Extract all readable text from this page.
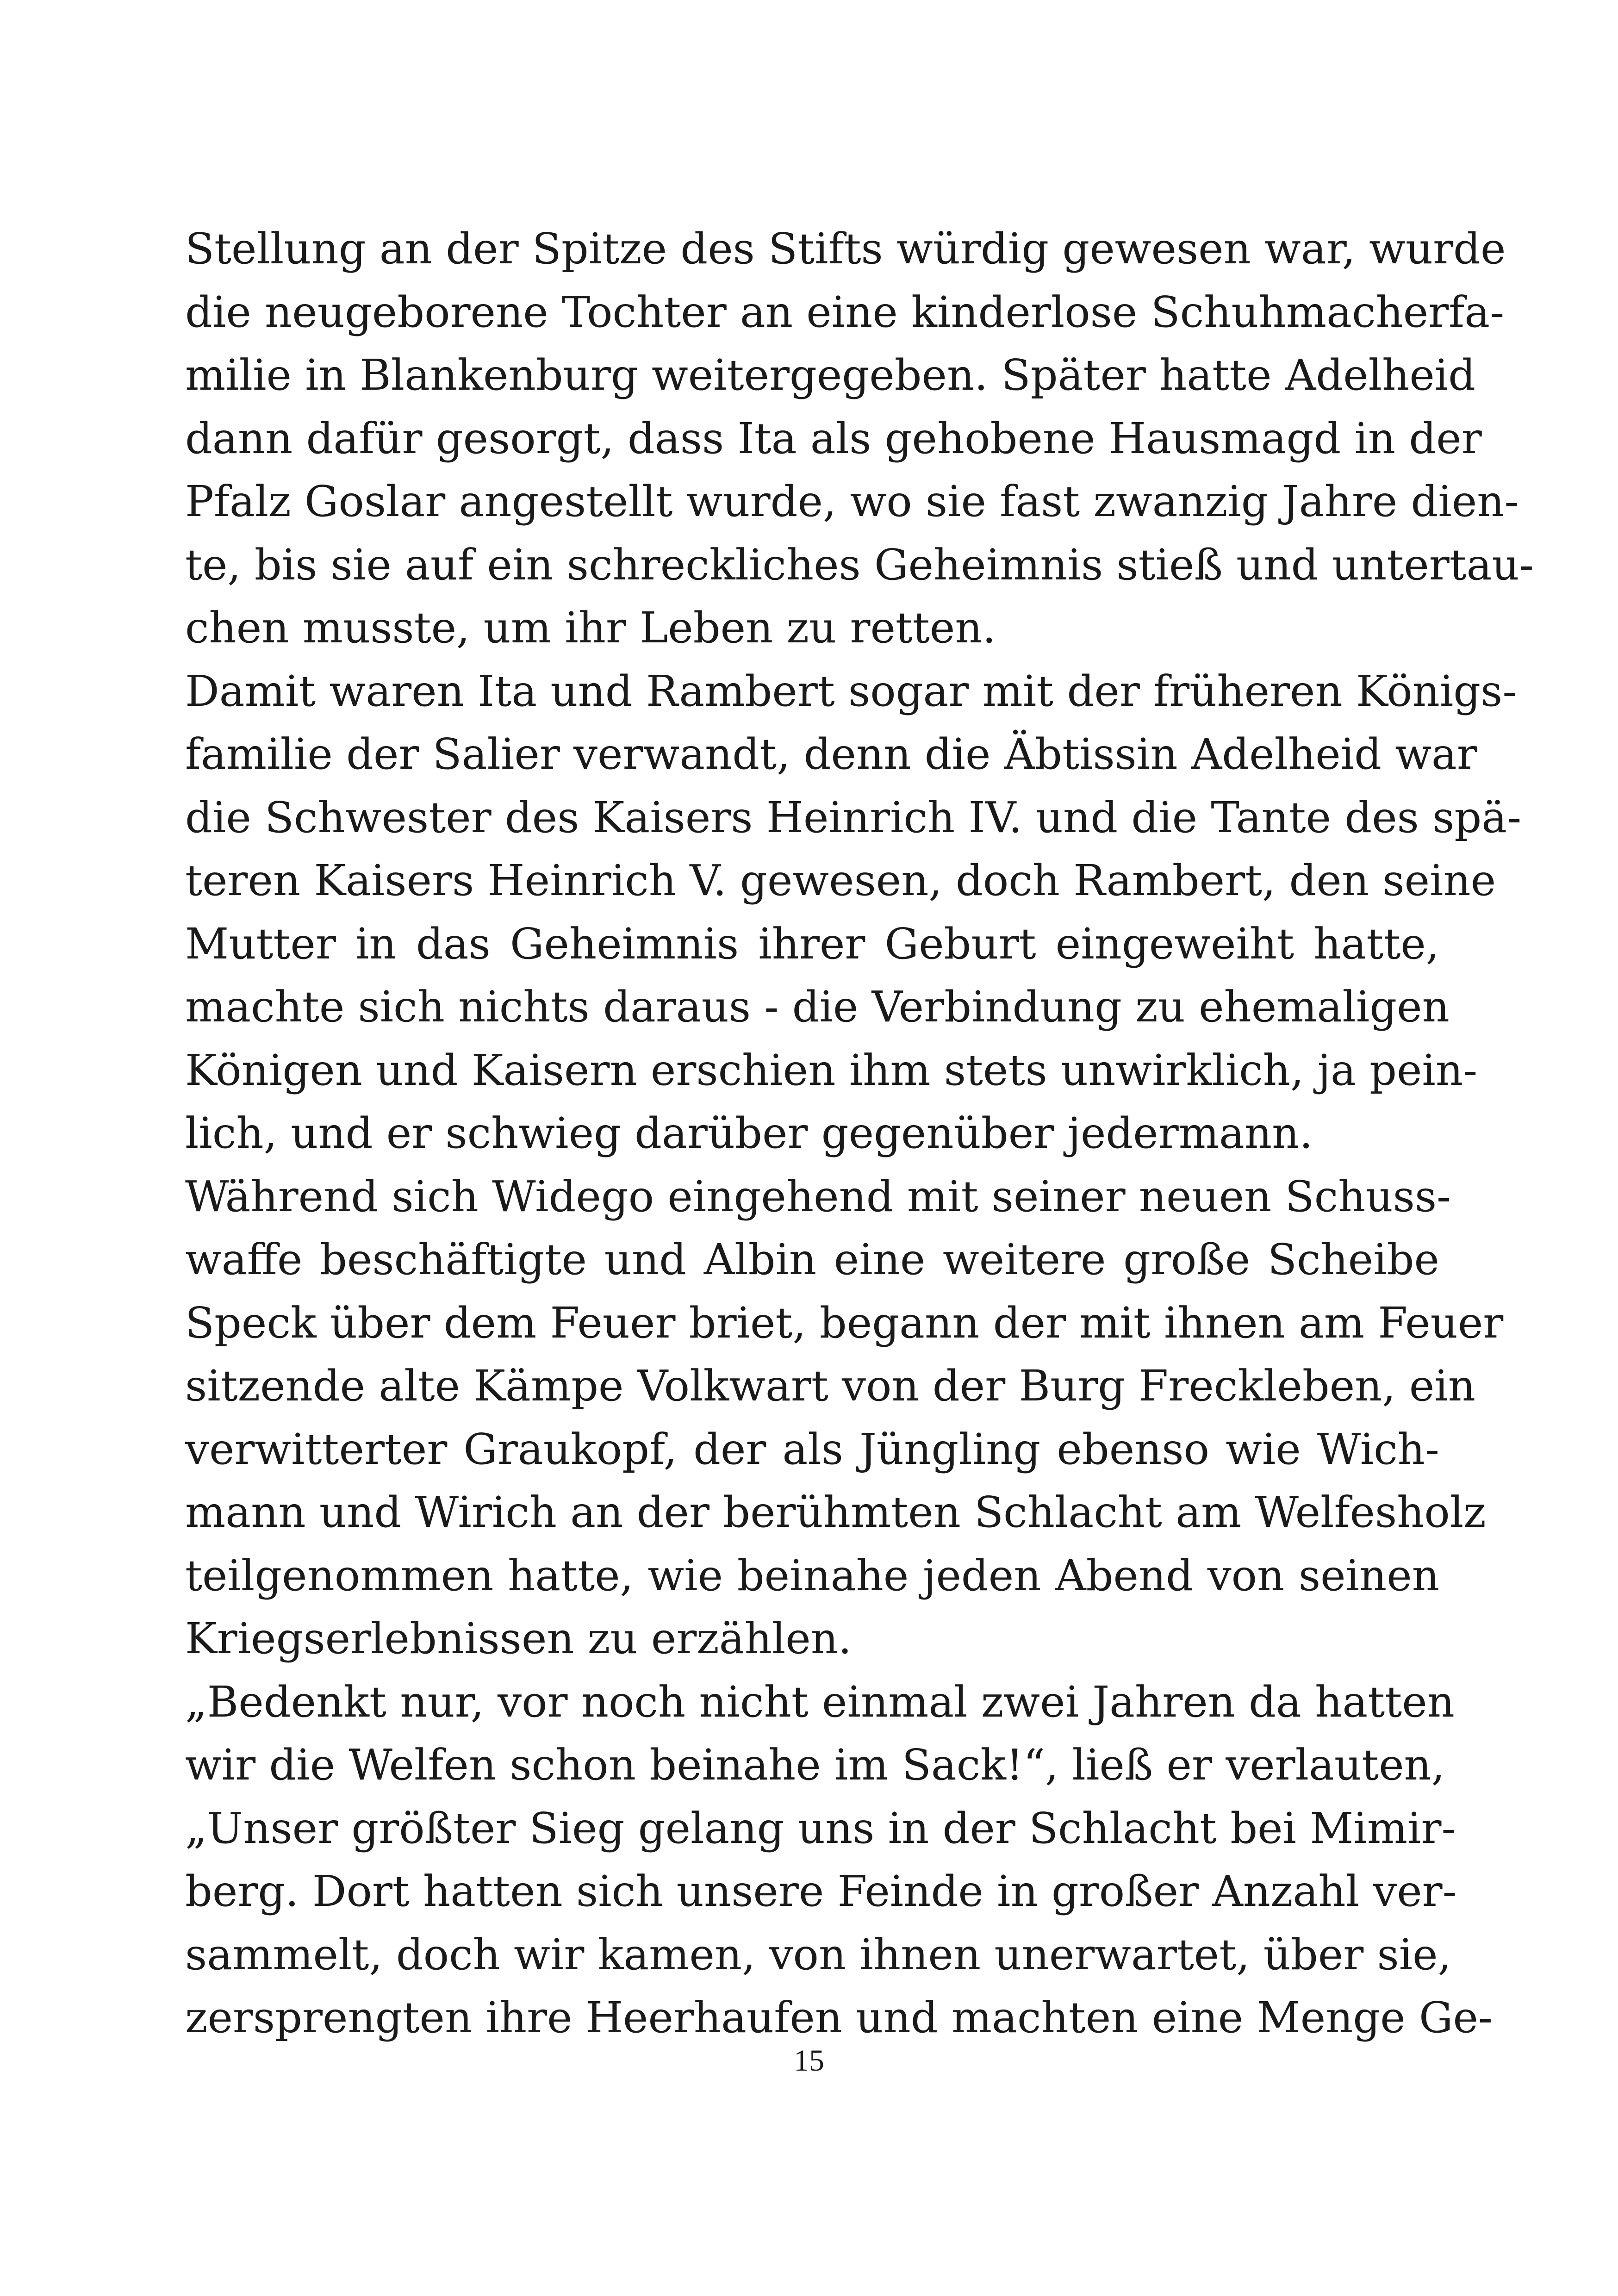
Stellung an der Spitze des Stifts würdig gewesen war, wurde
die neugeborene Tochter an eine kinderlose Schuhmacherfa-
milie in Blankenburg weitergegeben. Später hatte Adelheid
dann dafür gesorgt, dass Ita als gehobene Hausmagd in der
Pfalz Goslar angestellt wurde, wo sie fast zwanzig Jahre dien-
te, bis sie auf ein schreckliches Geheimnis stieß und untertau-
chen musste, um ihr Leben zu retten.
Damit waren Ita und Rambert sogar mit der früheren Königs-
familie der Salier verwandt, denn die Äbtissin Adelheid war
die Schwester des Kaisers Heinrich IV. und die Tante des spä-
teren Kaisers Heinrich V. gewesen, doch Rambert, den seine
Mutter in das Geheimnis ihrer Geburt eingeweiht hatte,
machte sich nichts daraus - die Verbindung zu ehemaligen
Königen und Kaisern erschien ihm stets unwirklich, ja pein-
lich, und er schwieg darüber gegenüber jedermann.
Während sich Widego eingehend mit seiner neuen Schuss-
waffe beschäftigte und Albin eine weitere große Scheibe
Speck über dem Feuer briet, begann der mit ihnen am Feuer
sitzende alte Kämpe Volkwart von der Burg Freckleben, ein
verwitterter Graukopf, der als Jüngling ebenso wie Wich-
mann und Wirich an der berühmten Schlacht am Welfesholz
teilgenommen hatte, wie beinahe jeden Abend von seinen
Kriegserlebnissen zu erzählen.
„Bedenkt nur, vor noch nicht einmal zwei Jahren da hatten
wir die Welfen schon beinahe im Sack!“, ließ er verlauten,
„Unser größter Sieg gelang uns in der Schlacht bei Mimir-
berg. Dort hatten sich unsere Feinde in großer Anzahl ver-
sammelt, doch wir kamen, von ihnen unerwartet, über sie,
zersprengten ihre Heerhaufen und machten eine Menge Ge-
15
